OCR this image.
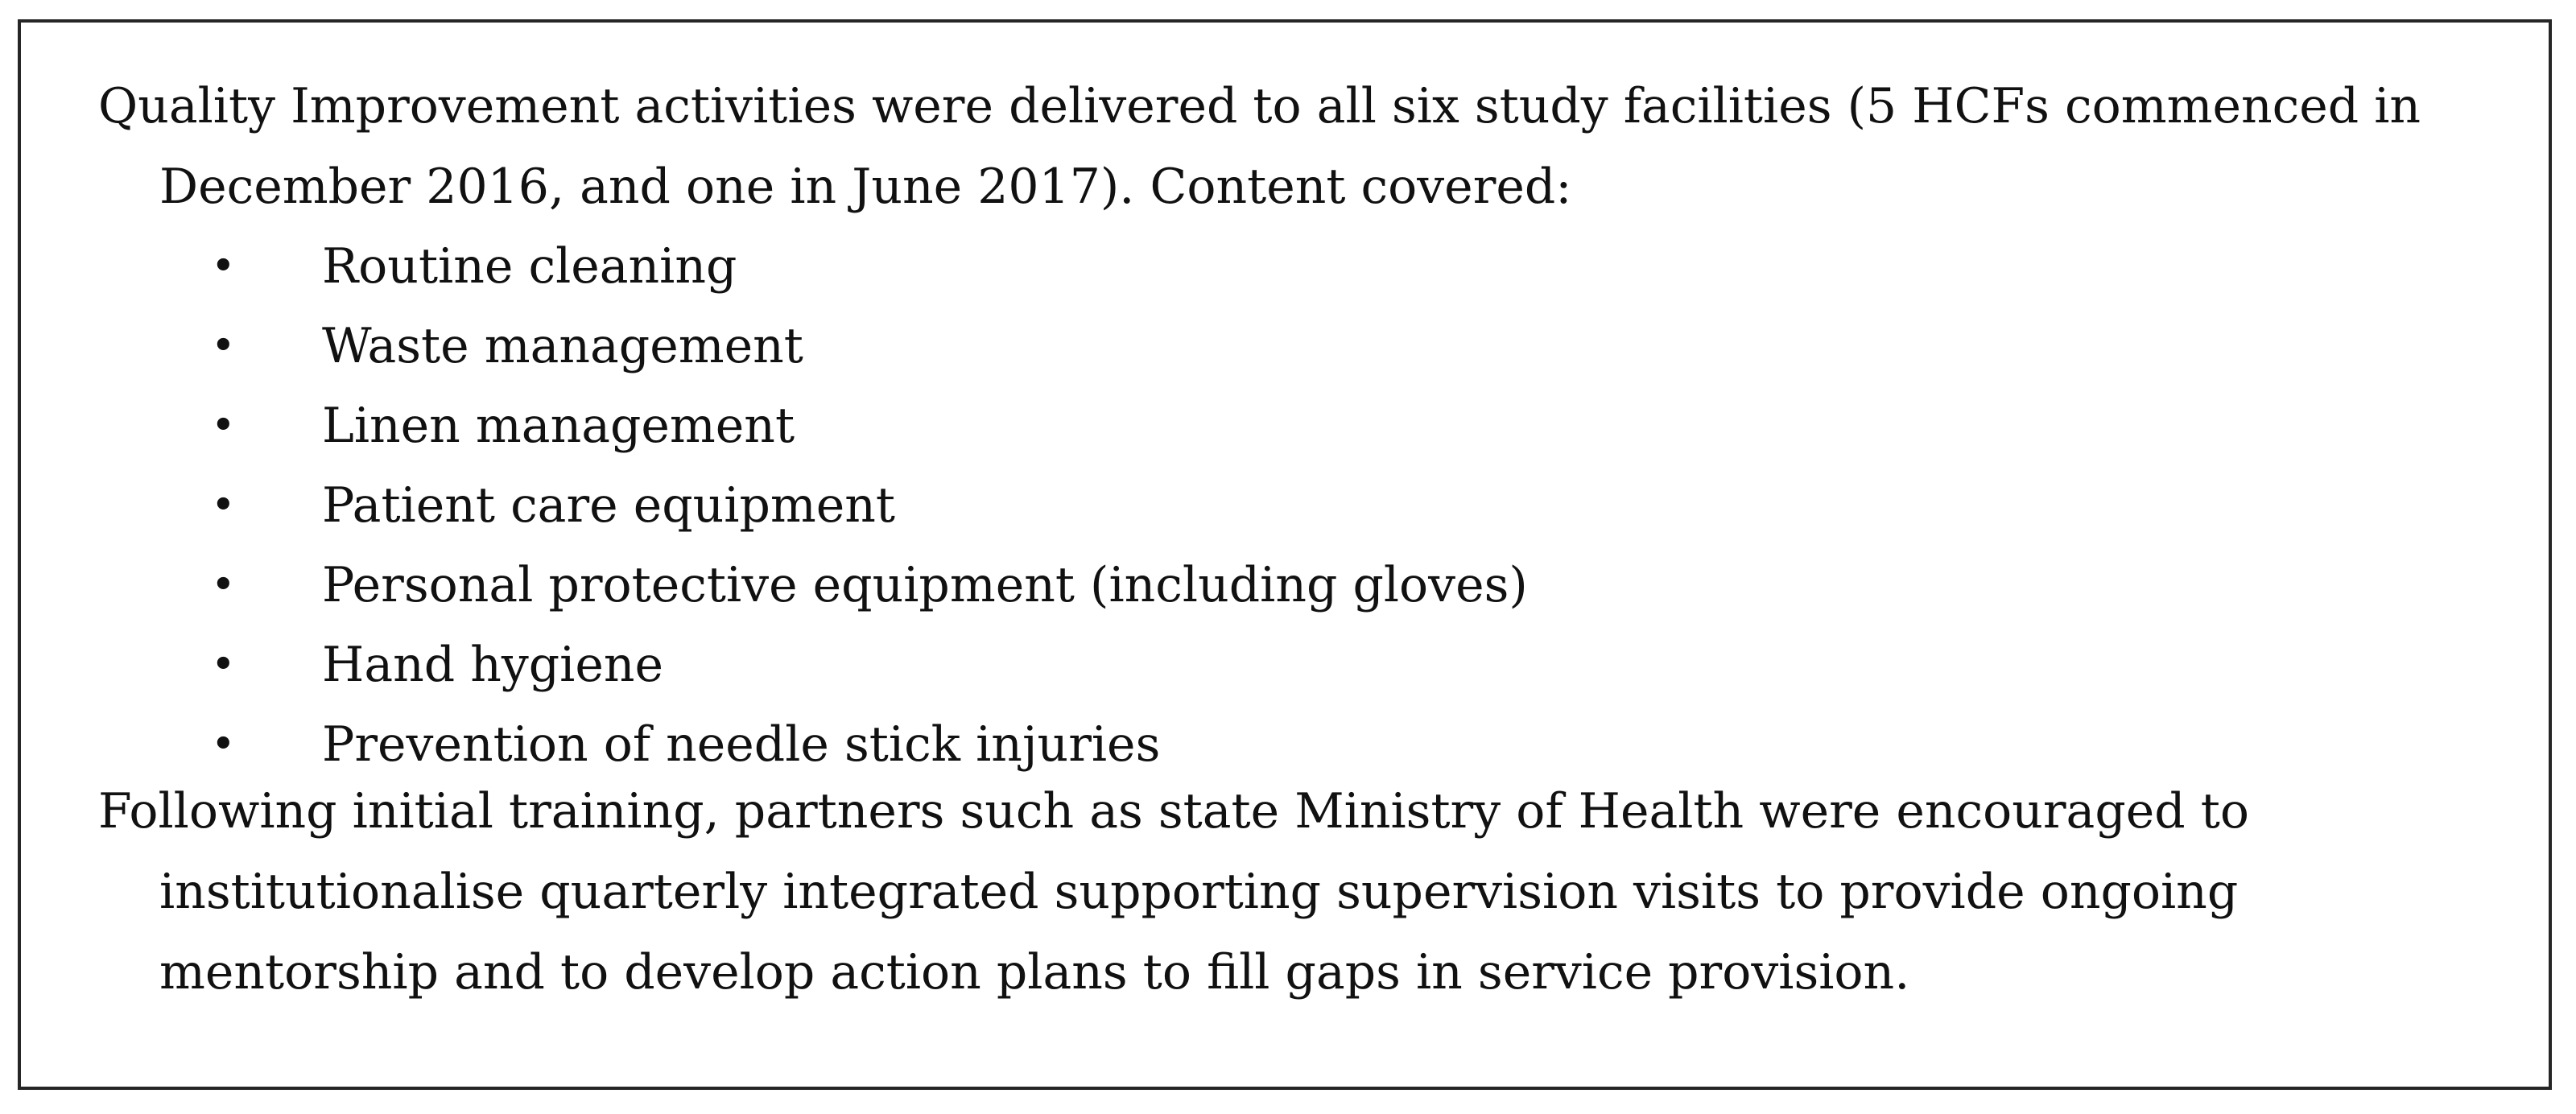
Quality Improvement activities were delivered to all six study facilities (5 HCFs commenced in December 2016, and one in June 2017). Content covered:

• Routine cleaning
• Waste management
• Linen management
• Patient care equipment
• Personal protective equipment (including gloves)
• Hand hygiene
• Prevention of needle stick injuries

Following initial training, partners such as state Ministry of Health were encouraged to institutionalise quarterly integrated supporting supervision visits to provide ongoing mentorship and to develop action plans to fill gaps in service provision.
